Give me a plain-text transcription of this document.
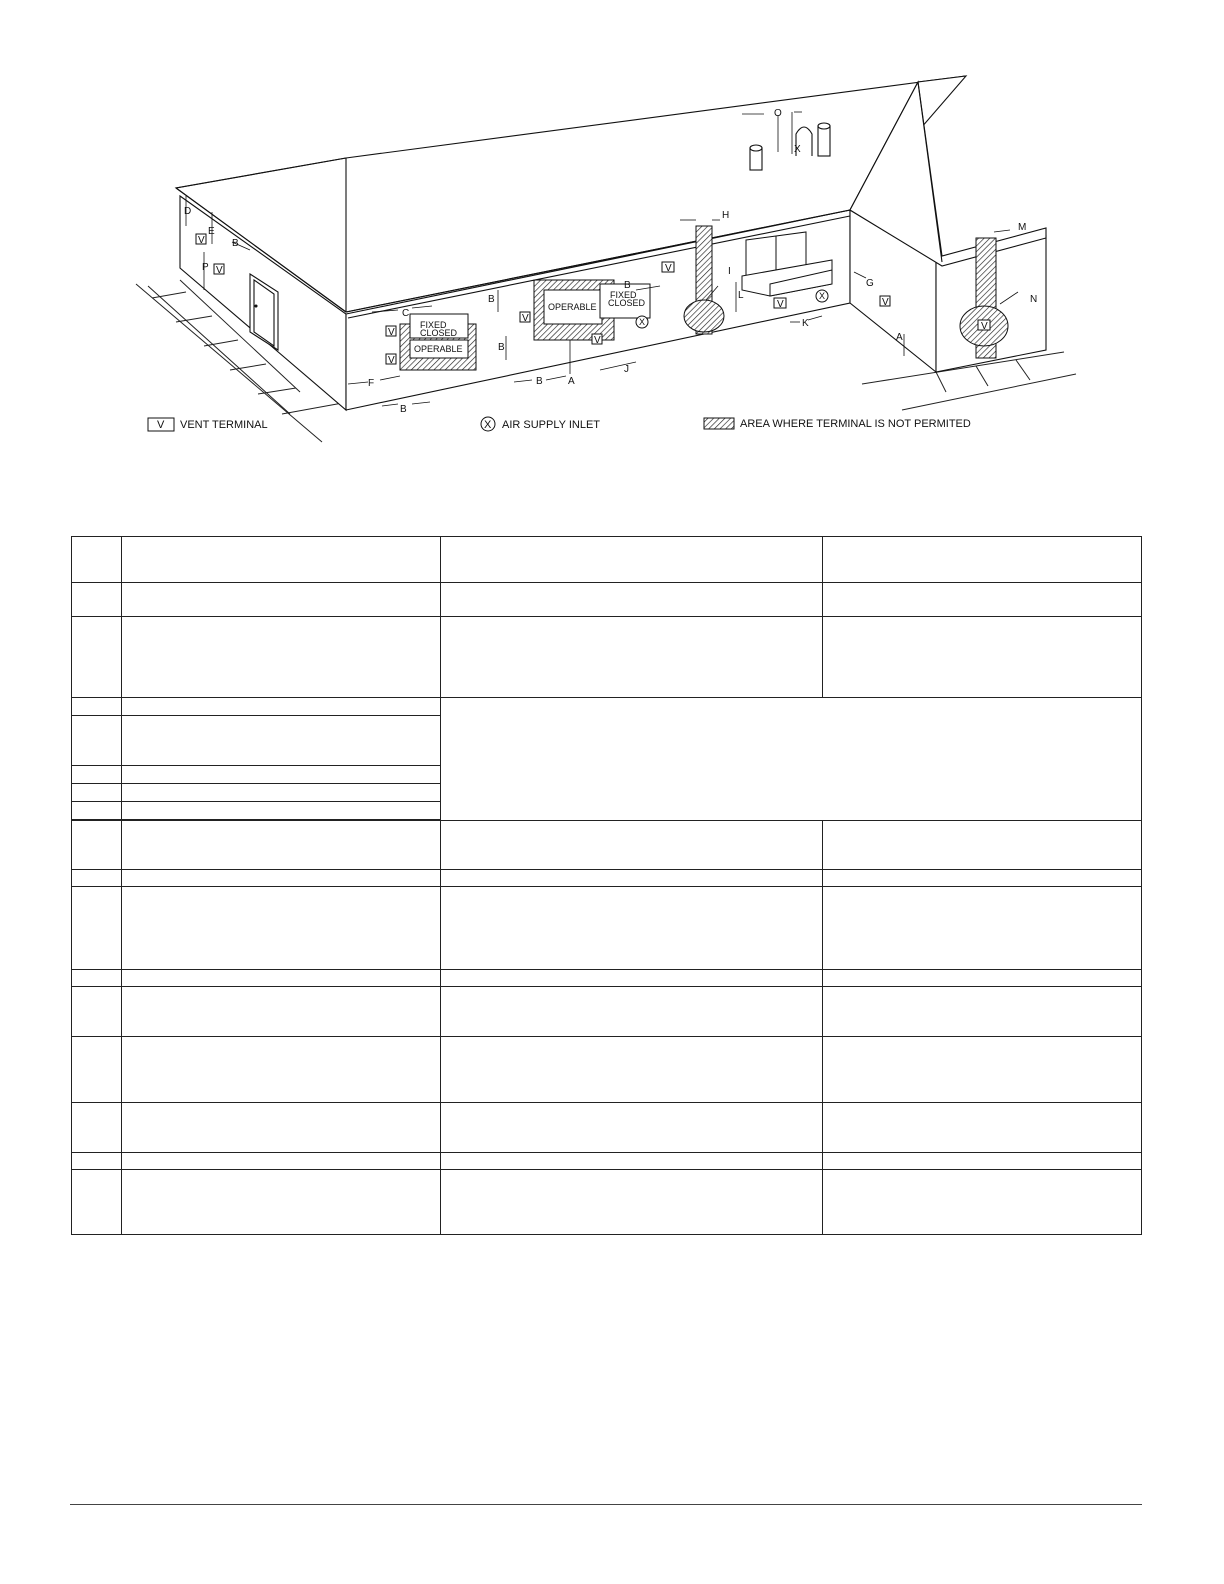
FIXED
CLOSED
OPERABLE
OPERABLE
FIXED
CLOSED
V
V
V
V
V
V
V
V	V
V
X
X
D
E
P
B
F
B
C
B
B
B	A
J
B
H
I
L
K
G
A
M
N
O
X
V VENT TERMINAL	X AIR SUPPLY INLET	AREA WHERE TERMINAL IS NOT PERMITED
